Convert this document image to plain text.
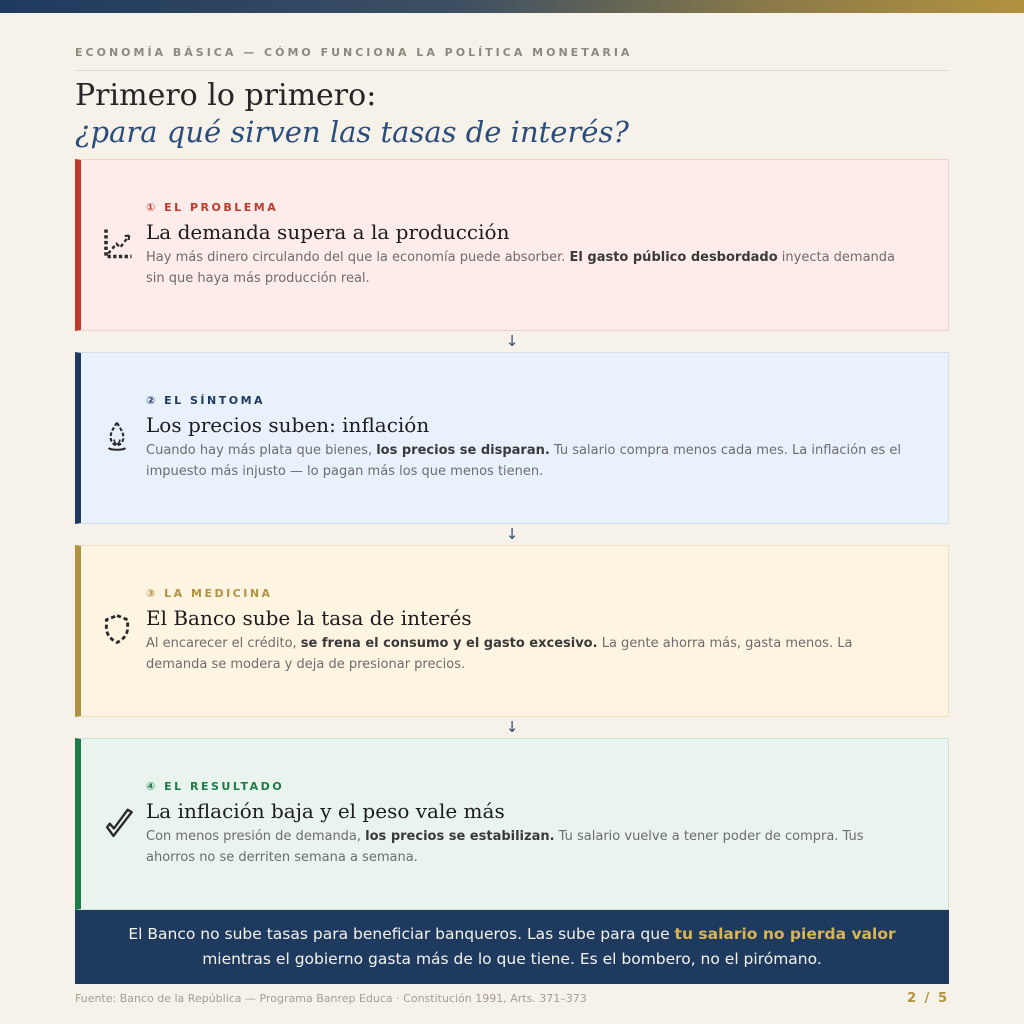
ECONOMÍA BÁSICA — CÓMO FUNCIONA LA POLÍTICA MONETARIA
Primero lo primero:
¿para qué sirven las tasas de interés?
① EL PROBLEMA
La demanda supera a la producción
Hay más dinero circulando del que la economía puede absorber. El gasto público desbordado inyecta demanda sin que haya más producción real.
↓
② EL SÍNTOMA
Los precios suben: inflación
Cuando hay más plata que bienes, los precios se disparan. Tu salario compra menos cada mes. La inflación es el impuesto más injusto — lo pagan más los que menos tienen.
↓
③ LA MEDICINA
El Banco sube la tasa de interés
Al encarecer el crédito, se frena el consumo y el gasto excesivo. La gente ahorra más, gasta menos. La demanda se modera y deja de presionar precios.
↓
④ EL RESULTADO
La inflación baja y el peso vale más
Con menos presión de demanda, los precios se estabilizan. Tu salario vuelve a tener poder de compra. Tus ahorros no se derriten semana a semana.
El Banco no sube tasas para beneficiar banqueros. Las sube para que tu salario no pierda valor mientras el gobierno gasta más de lo que tiene. Es el bombero, no el pirómano.
Fuente: Banco de la República — Programa Banrep Educa · Constitución 1991, Arts. 371–373	2 / 5
